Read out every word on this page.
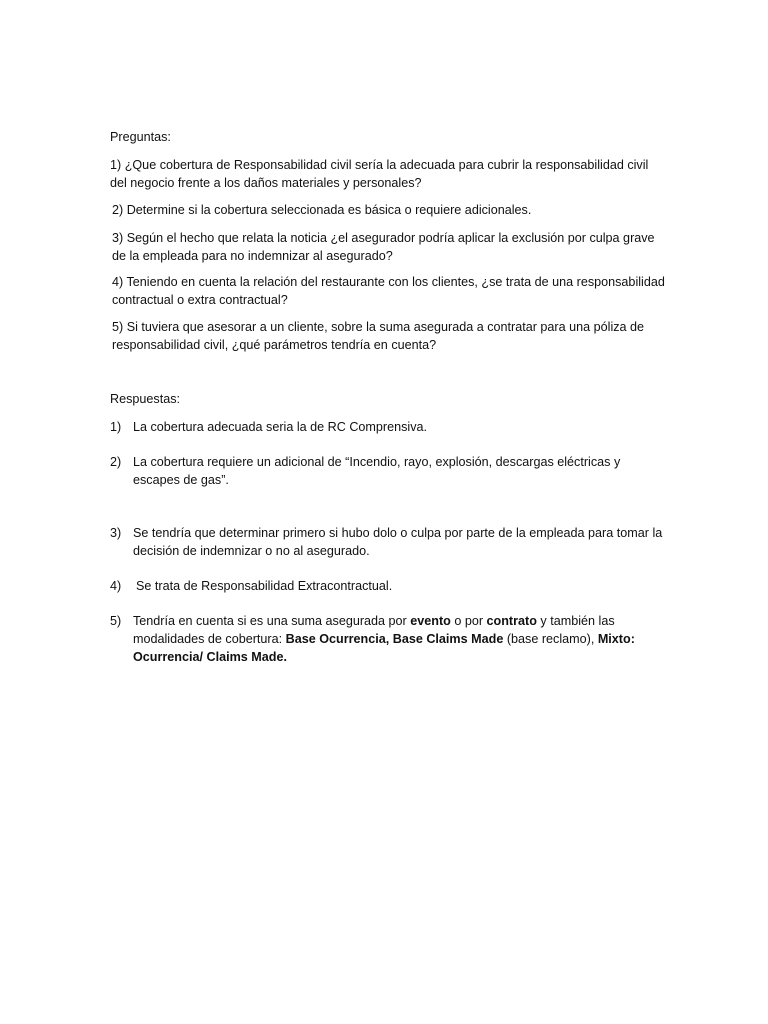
Preguntas:

1) ¿Que cobertura de Responsabilidad civil sería la adecuada para cubrir la responsabilidad civil del negocio frente a los daños materiales y personales?

2) Determine si la cobertura seleccionada es básica o requiere adicionales.

3) Según el hecho que relata la noticia ¿el asegurador podría aplicar la exclusión por culpa grave de la empleada para no indemnizar al asegurado?

4) Teniendo en cuenta la relación del restaurante con los clientes, ¿se trata de una responsabilidad contractual o extra contractual?

5) Si tuviera que asesorar a un cliente, sobre la suma asegurada a contratar para una póliza de responsabilidad civil, ¿qué parámetros tendría en cuenta?

Respuestas:

1) La cobertura adecuada seria la de RC Comprensiva.
2) La cobertura requiere un adicional de “Incendio, rayo, explosión, descargas eléctricas y escapes de gas”.
3) Se tendría que determinar primero si hubo dolo o culpa por parte de la empleada para tomar la decisión de indemnizar o no al asegurado.
4)	Se trata de Responsabilidad Extracontractual.
5) Tendría en cuenta si es una suma asegurada por evento o por contrato y también las modalidades de cobertura: Base Ocurrencia, Base Claims Made (base reclamo), Mixto: Ocurrencia/ Claims Made.
